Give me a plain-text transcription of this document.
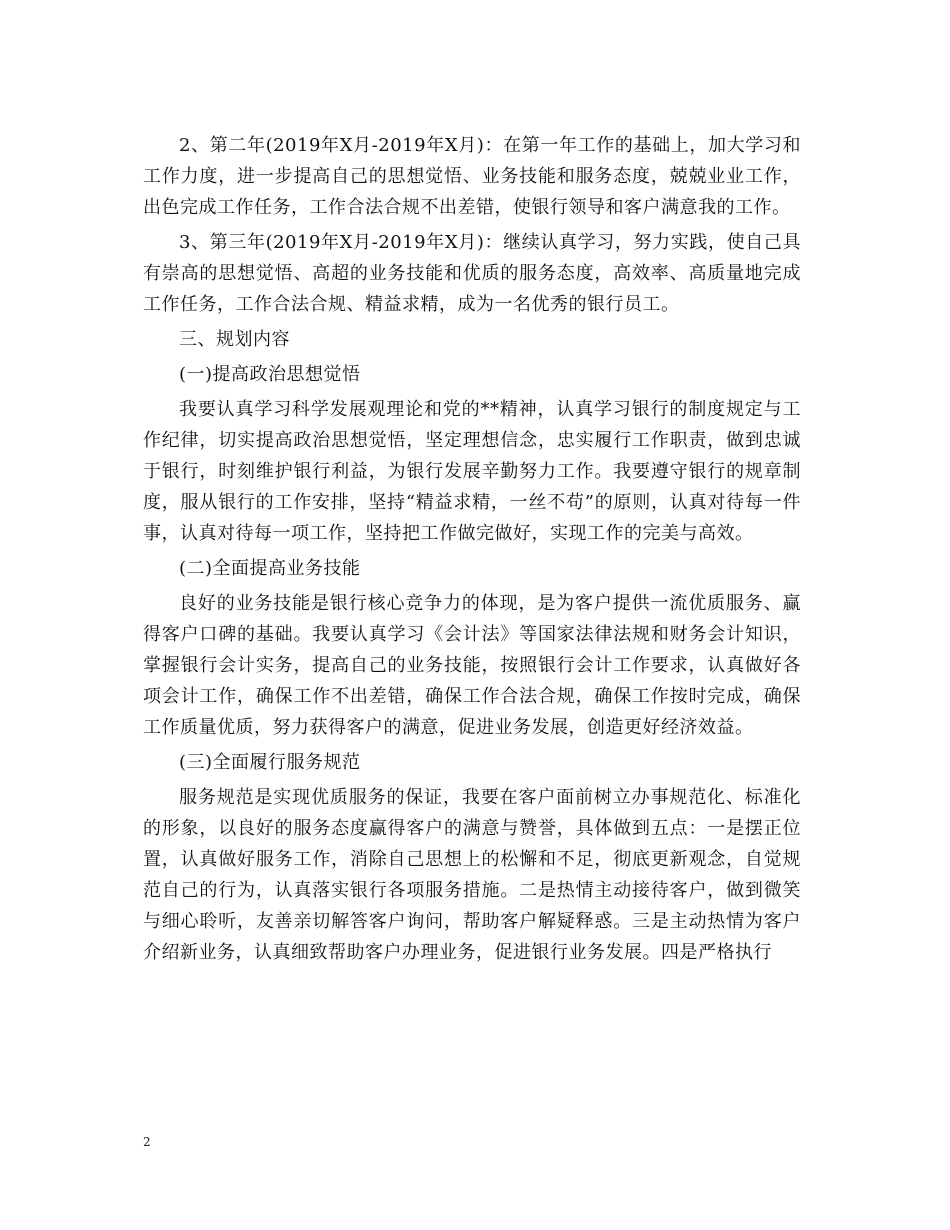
2、第二年(2019年X月-2019年X月)：在第一年工作的基础上，加大学习和工作力度，进一步提高自己的思想觉悟、业务技能和服务态度，兢兢业业工作，出色完成工作任务，工作合法合规不出差错，使银行领导和客户满意我的工作。

3、第三年(2019年X月-2019年X月)：继续认真学习，努力实践，使自己具有崇高的思想觉悟、高超的业务技能和优质的服务态度，高效率、高质量地完成工作任务，工作合法合规、精益求精，成为一名优秀的银行员工。

三、规划内容

(一)提高政治思想觉悟

我要认真学习科学发展观理论和党的**精神，认真学习银行的制度规定与工作纪律，切实提高政治思想觉悟，坚定理想信念，忠实履行工作职责，做到忠诚于银行，时刻维护银行利益，为银行发展辛勤努力工作。我要遵守银行的规章制度，服从银行的工作安排，坚持“精益求精，一丝不苟”的原则，认真对待每一件事，认真对待每一项工作，坚持把工作做完做好，实现工作的完美与高效。

(二)全面提高业务技能

良好的业务技能是银行核心竞争力的体现，是为客户提供一流优质服务、赢得客户口碑的基础。我要认真学习《会计法》等国家法律法规和财务会计知识，掌握银行会计实务，提高自己的业务技能，按照银行会计工作要求，认真做好各项会计工作，确保工作不出差错，确保工作合法合规，确保工作按时完成，确保工作质量优质，努力获得客户的满意，促进业务发展，创造更好经济效益。

(三)全面履行服务规范

服务规范是实现优质服务的保证，我要在客户面前树立办事规范化、标准化的形象，以良好的服务态度赢得客户的满意与赞誉，具体做到五点：一是摆正位置，认真做好服务工作，消除自己思想上的松懈和不足，彻底更新观念，自觉规范自己的行为，认真落实银行各项服务措施。二是热情主动接待客户，做到微笑与细心聆听，友善亲切解答客户询问，帮助客户解疑释惑。三是主动热情为客户介绍新业务，认真细致帮助客户办理业务，促进银行业务发展。四是严格执行

2
